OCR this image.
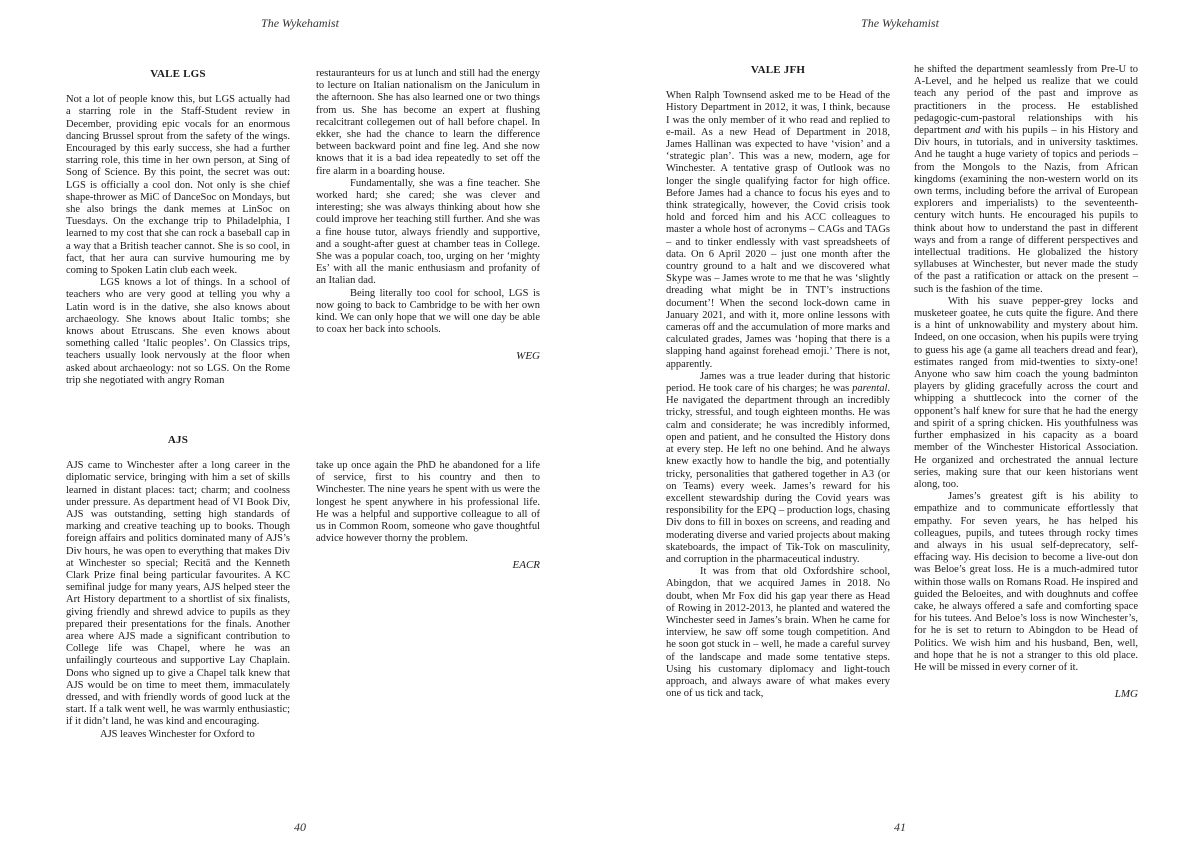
The Wykehamist
VALE LGS

Not a lot of people know this, but LGS actually had a starring role in the Staff-Student review in December, providing epic vocals for an enormous dancing Brussel sprout from the safety of the wings. Encouraged by this early success, she had a further starring role, this time in her own person, at Sing of Song of Science. By this point, the secret was out: LGS is officially a cool don. Not only is she chief shape-thrower as MiC of DanceSoc on Mondays, but she also brings the dank memes at LinSoc on Tuesdays. On the exchange trip to Philadelphia, I learned to my cost that she can rock a baseball cap in a way that a British teacher cannot. She is so cool, in fact, that her aura can survive humouring me by coming to Spoken Latin club each week.

LGS knows a lot of things. In a school of teachers who are very good at telling you why a Latin word is in the dative, she also knows about archaeology. She knows about Italic tombs; she knows about Etruscans. She even knows about something called ‘Italic peoples’. On Classics trips, teachers usually look nervously at the floor when asked about archaeology: not so LGS. On the Rome trip she negotiated with angry Roman

restauranteurs for us at lunch and still had the energy to lecture on Italian nationalism on the Janiculum in the afternoon. She has also learned one or two things from us. She has become an expert at flushing recalcitrant collegemen out of hall before chapel. In ekker, she had the chance to learn the difference between backward point and fine leg. And she now knows that it is a bad idea repeatedly to set off the fire alarm in a boarding house.

Fundamentally, she was a fine teacher. She worked hard; she cared; she was clever and interesting; she was always thinking about how she could improve her teaching still further. And she was a fine house tutor, always friendly and supportive, and a sought-after guest at chamber teas in College. She was a popular coach, too, urging on her ‘mighty Es’ with all the manic enthusiasm and profanity of an Italian dad.

Being literally too cool for school, LGS is now going to back to Cambridge to be with her own kind. We can only hope that we will one day be able to coax her back into schools.

WEG
AJS

AJS came to Winchester after a long career in the diplomatic service, bringing with him a set of skills learned in distant places: tact; charm; and coolness under pressure. As department head of VI Book Div, AJS was outstanding, setting high standards of marking and creative teaching up to books. Though foreign affairs and politics dominated many of AJS’s Div hours, he was open to everything that makes Div at Winchester so special; Recitā and the Kenneth Clark Prize final being particular favourites. A KC semifinal judge for many years, AJS helped steer the Art History department to a shortlist of six finalists, giving friendly and shrewd advice to pupils as they prepared their presentations for the finals. Another area where AJS made a significant contribution to College life was Chapel, where he was an unfailingly courteous and supportive Lay Chaplain. Dons who signed up to give a Chapel talk knew that AJS would be on time to meet them, immaculately dressed, and with friendly words of good luck at the start. If a talk went well, he was warmly enthusiastic; if it didn’t land, he was kind and encouraging.

AJS leaves Winchester for Oxford to

take up once again the PhD he abandoned for a life of service, first to his country and then to Winchester. The nine years he spent with us were the longest he spent anywhere in his professional life. He was a helpful and supportive colleague to all of us in Common Room, someone who gave thoughtful advice however thorny the problem.

EACR
40
The Wykehamist
VALE JFH

When Ralph Townsend asked me to be Head of the History Department in 2012, it was, I think, because I was the only member of it who read and replied to e-mail. As a new Head of Department in 2018, James Hallinan was expected to have ‘vision’ and a ‘strategic plan’. This was a new, modern, age for Winchester. A tentative grasp of Outlook was no longer the single qualifying factor for high office. Before James had a chance to focus his eyes and to think strategically, however, the Covid crisis took hold and forced him and his ACC colleagues to master a whole host of acronyms – CAGs and TAGs – and to tinker endlessly with vast spreadsheets of data. On 6 April 2020 – just one month after the country ground to a halt and we discovered what Skype was – James wrote to me that he was ‘slightly dreading what might be in TNT’s instructions document’! When the second lock-down came in January 2021, and with it, more online lessons with cameras off and the accumulation of more marks and calculated grades, James was ‘hoping that there is a slapping hand against forehead emoji.’ There is not, apparently.

James was a true leader during that historic period. He took care of his charges; he was parental. He navigated the department through an incredibly tricky, stressful, and tough eighteen months. He was calm and considerate; he was incredibly informed, open and patient, and he consulted the History dons at every step. He left no one behind. And he always knew exactly how to handle the big, and potentially tricky, personalities that gathered together in A3 (or on Teams) every week. James’s reward for his excellent stewardship during the Covid years was responsibility for the EPQ – production logs, chasing Div dons to fill in boxes on screens, and reading and moderating diverse and varied projects about making skateboards, the impact of Tik-Tok on masculinity, and corruption in the pharmaceutical industry.

It was from that old Oxfordshire school, Abingdon, that we acquired James in 2018. No doubt, when Mr Fox did his gap year there as Head of Rowing in 2012-2013, he planted and watered the Winchester seed in James’s brain. When he came for interview, he saw off some tough competition. And he soon got stuck in – well, he made a careful survey of the landscape and made some tentative steps. Using his customary diplomacy and light-touch approach, and always aware of what makes every one of us tick and tack,

he shifted the department seamlessly from Pre-U to A-Level, and he helped us realize that we could teach any period of the past and improve as practitioners in the process. He established pedagogic-cum-pastoral relationships with his department and with his pupils – in his History and Div hours, in tutorials, and in university tasktimes. And he taught a huge variety of topics and periods – from the Mongols to the Nazis, from African kingdoms (examining the non-western world on its own terms, including before the arrival of European explorers and imperialists) to the seventeenth-century witch hunts. He encouraged his pupils to think about how to understand the past in different ways and from a range of different perspectives and intellectual traditions. He globalized the history syllabuses at Winchester, but never made the study of the past a ratification or attack on the present – such is the fashion of the time.

With his suave pepper-grey locks and musketeer goatee, he cuts quite the figure. And there is a hint of unknowability and mystery about him. Indeed, on one occasion, when his pupils were trying to guess his age (a game all teachers dread and fear), estimates ranged from mid-twenties to sixty-one! Anyone who saw him coach the young badminton players by gliding gracefully across the court and whipping a shuttlecock into the corner of the opponent’s half knew for sure that he had the energy and spirit of a spring chicken. His youthfulness was further emphasized in his capacity as a board member of the Winchester Historical Association. He organized and orchestrated the annual lecture series, making sure that our keen historians went along, too.

James’s greatest gift is his ability to empathize and to communicate effortlessly that empathy. For seven years, he has helped his colleagues, pupils, and tutees through rocky times and always in his usual self-deprecatory, self-effacing way. His decision to become a live-out don was Beloe’s great loss. He is a much-admired tutor within those walls on Romans Road. He inspired and guided the Beloeites, and with doughnuts and coffee cake, he always offered a safe and comforting space for his tutees. And Beloe’s loss is now Winchester’s, for he is set to return to Abingdon to be Head of Politics. We wish him and his husband, Ben, well, and hope that he is not a stranger to this old place. He will be missed in every corner of it.

LMG
41
